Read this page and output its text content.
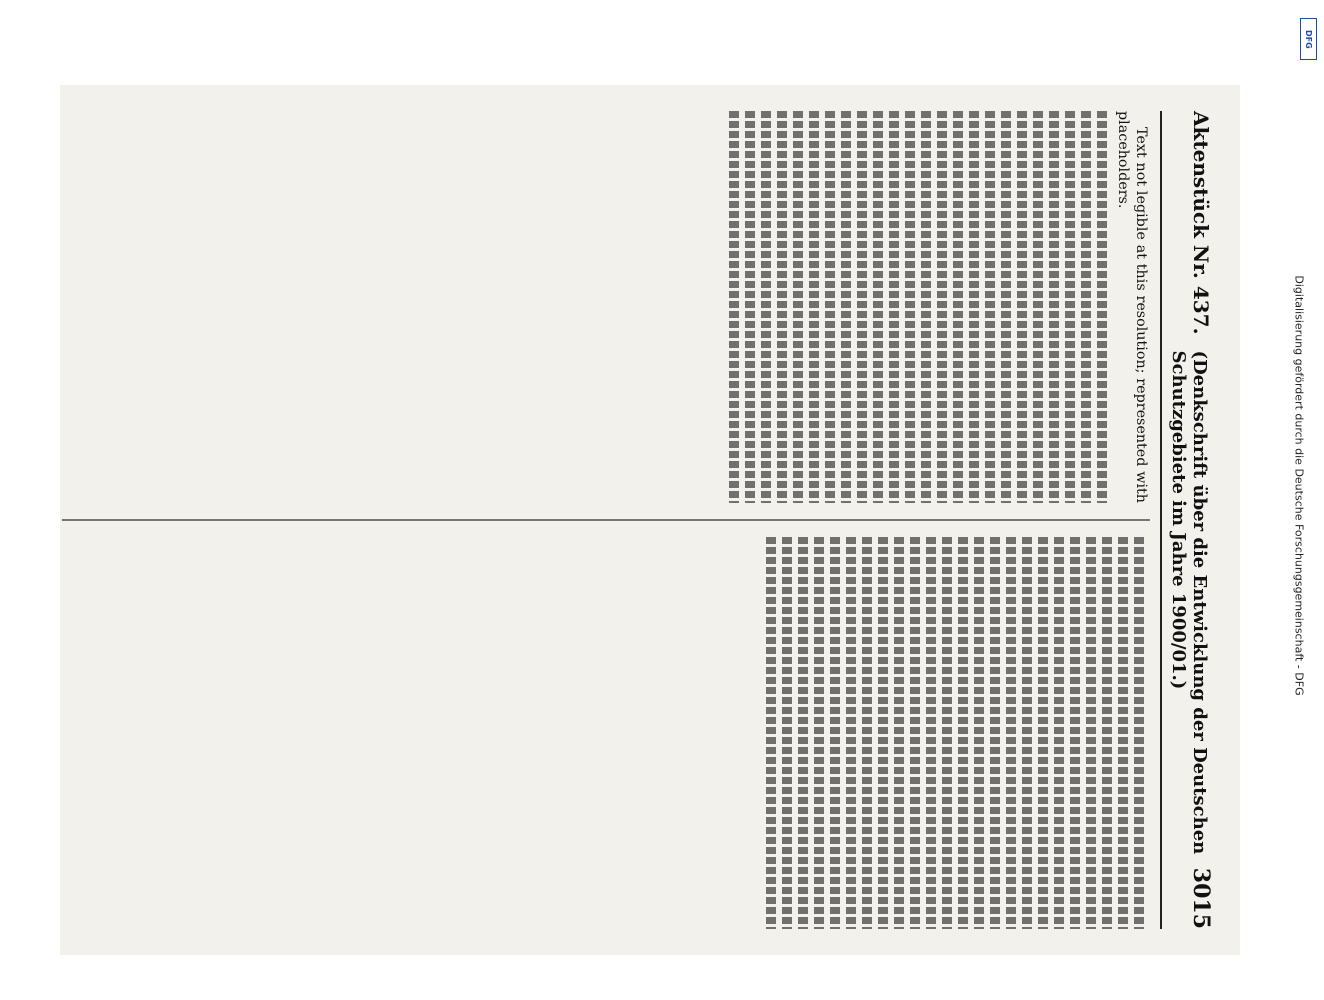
Aktenstück Nr. 437.
(Denkschrift über die Entwicklung der Deutschen Schutzgebiete im Jahre 1900/01.)
3015

Text not legible at this resolution; represented with placeholders.

DFG
Digitalisierung gefördert durch die Deutsche Forschungsgemeinschaft - DFG
